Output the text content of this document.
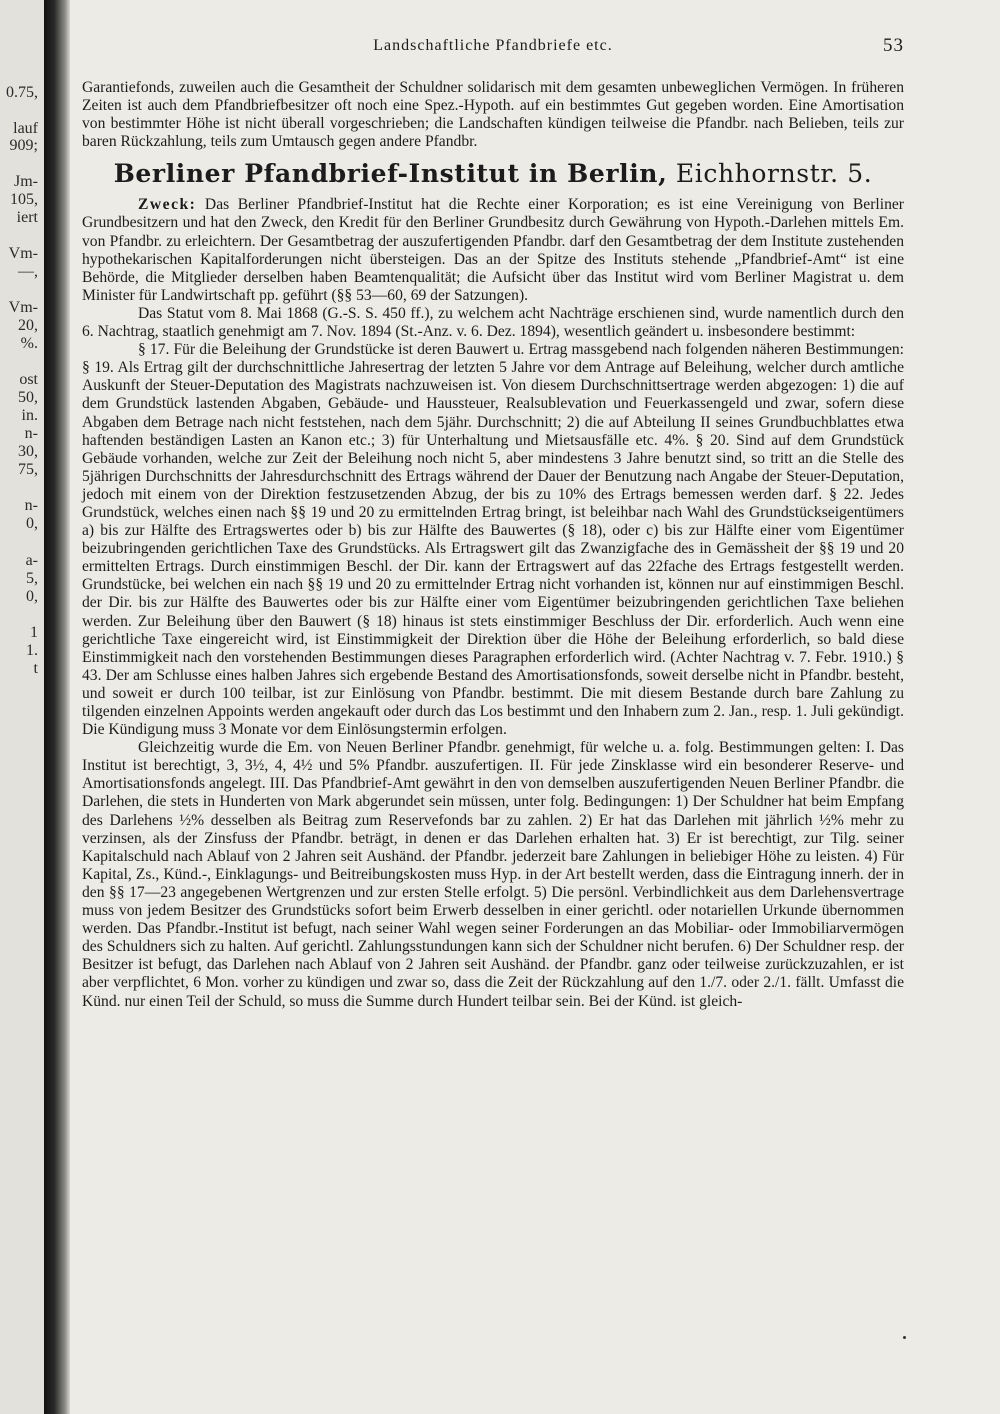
0.75,
lauf
909;
Jm-
105,
iert
Vm-
—,
Vm-
20,
%.
ost
50,
in.
n-
30,
75,
n-
0,
a-
5,
0,
1
1.
t
Landschaftliche Pfandbriefe etc.	53

Garantiefonds, zuweilen auch die Gesamtheit der Schuldner solidarisch mit dem gesamten unbeweglichen Vermögen. In früheren Zeiten ist auch dem Pfandbriefbesitzer oft noch eine Spez.-Hypoth. auf ein bestimmtes Gut gegeben worden. Eine Amortisation von bestimmter Höhe ist nicht überall vorgeschrieben; die Landschaften kündigen teilweise die Pfandbr. nach Belieben, teils zur baren Rückzahlung, teils zum Umtausch gegen andere Pfandbr.

Berliner Pfandbrief-Institut in Berlin, Eichhornstr. 5.

Zweck: Das Berliner Pfandbrief-Institut hat die Rechte einer Korporation; es ist eine Vereinigung von Berliner Grundbesitzern und hat den Zweck, den Kredit für den Berliner Grundbesitz durch Gewährung von Hypoth.-Darlehen mittels Em. von Pfandbr. zu erleichtern. Der Gesamtbetrag der auszufertigenden Pfandbr. darf den Gesamtbetrag der dem Institute zustehenden hypothekarischen Kapitalforderungen nicht übersteigen. Das an der Spitze des Instituts stehende „Pfandbrief-Amt“ ist eine Behörde, die Mitglieder derselben haben Beamtenqualität; die Aufsicht über das Institut wird vom Berliner Magistrat u. dem Minister für Landwirtschaft pp. geführt (§§ 53—60, 69 der Satzungen).

Das Statut vom 8. Mai 1868 (G.-S. S. 450 ff.), zu welchem acht Nachträge erschienen sind, wurde namentlich durch den 6. Nachtrag, staatlich genehmigt am 7. Nov. 1894 (St.-Anz. v. 6. Dez. 1894), wesentlich geändert u. insbesondere bestimmt:

§ 17. Für die Beleihung der Grundstücke ist deren Bauwert u. Ertrag massgebend nach folgenden näheren Bestimmungen: § 19. Als Ertrag gilt der durchschnittliche Jahresertrag der letzten 5 Jahre vor dem Antrage auf Beleihung, welcher durch amtliche Auskunft der Steuer-Deputation des Magistrats nachzuweisen ist. Von diesem Durchschnittsertrage werden abgezogen: 1) die auf dem Grundstück lastenden Abgaben, Gebäude- und Haussteuer, Realsublevation und Feuerkassengeld und zwar, sofern diese Abgaben dem Betrage nach nicht feststehen, nach dem 5jähr. Durchschnitt; 2) die auf Abteilung II seines Grundbuchblattes etwa haftenden beständigen Lasten an Kanon etc.; 3) für Unterhaltung und Mietsausfälle etc. 4%. § 20. Sind auf dem Grundstück Gebäude vorhanden, welche zur Zeit der Beleihung noch nicht 5, aber mindestens 3 Jahre benutzt sind, so tritt an die Stelle des 5jährigen Durchschnitts der Jahresdurchschnitt des Ertrags während der Dauer der Benutzung nach Angabe der Steuer-Deputation, jedoch mit einem von der Direktion festzusetzenden Abzug, der bis zu 10% des Ertrags bemessen werden darf. § 22. Jedes Grundstück, welches einen nach §§ 19 und 20 zu ermittelnden Ertrag bringt, ist beleihbar nach Wahl des Grundstückseigentümers a) bis zur Hälfte des Ertragswertes oder b) bis zur Hälfte des Bauwertes (§ 18), oder c) bis zur Hälfte einer vom Eigentümer beizubringenden gerichtlichen Taxe des Grundstücks. Als Ertragswert gilt das Zwanzigfache des in Gemässheit der §§ 19 und 20 ermittelten Ertrags. Durch einstimmigen Beschl. der Dir. kann der Ertragswert auf das 22fache des Ertrags festgestellt werden. Grundstücke, bei welchen ein nach §§ 19 und 20 zu ermittelnder Ertrag nicht vorhanden ist, können nur auf einstimmigen Beschl. der Dir. bis zur Hälfte des Bauwertes oder bis zur Hälfte einer vom Eigentümer beizubringenden gerichtlichen Taxe beliehen werden. Zur Beleihung über den Bauwert (§ 18) hinaus ist stets einstimmiger Beschluss der Dir. erforderlich. Auch wenn eine gerichtliche Taxe eingereicht wird, ist Einstimmigkeit der Direktion über die Höhe der Beleihung erforderlich, so bald diese Einstimmigkeit nach den vorstehenden Bestimmungen dieses Paragraphen erforderlich wird. (Achter Nachtrag v. 7. Febr. 1910.) § 43. Der am Schlusse eines halben Jahres sich ergebende Bestand des Amortisationsfonds, soweit derselbe nicht in Pfandbr. besteht, und soweit er durch 100 teilbar, ist zur Einlösung von Pfandbr. bestimmt. Die mit diesem Bestande durch bare Zahlung zu tilgenden einzelnen Appoints werden angekauft oder durch das Los bestimmt und den Inhabern zum 2. Jan., resp. 1. Juli gekündigt. Die Kündigung muss 3 Monate vor dem Einlösungstermin erfolgen.

Gleichzeitig wurde die Em. von Neuen Berliner Pfandbr. genehmigt, für welche u. a. folg. Bestimmungen gelten: I. Das Institut ist berechtigt, 3, 3½, 4, 4½ und 5% Pfandbr. auszufertigen. II. Für jede Zinsklasse wird ein besonderer Reserve- und Amortisationsfonds angelegt. III. Das Pfandbrief-Amt gewährt in den von demselben auszufertigenden Neuen Berliner Pfandbr. die Darlehen, die stets in Hunderten von Mark abgerundet sein müssen, unter folg. Bedingungen: 1) Der Schuldner hat beim Empfang des Darlehens ½% desselben als Beitrag zum Reservefonds bar zu zahlen. 2) Er hat das Darlehen mit jährlich ½% mehr zu verzinsen, als der Zinsfuss der Pfandbr. beträgt, in denen er das Darlehen erhalten hat. 3) Er ist berechtigt, zur Tilg. seiner Kapitalschuld nach Ablauf von 2 Jahren seit Aushänd. der Pfandbr. jederzeit bare Zahlungen in beliebiger Höhe zu leisten. 4) Für Kapital, Zs., Künd.-, Einklagungs- und Beitreibungskosten muss Hyp. in der Art bestellt werden, dass die Eintragung innerh. der in den §§ 17—23 angegebenen Wertgrenzen und zur ersten Stelle erfolgt. 5) Die persönl. Verbindlichkeit aus dem Darlehensvertrage muss von jedem Besitzer des Grundstücks sofort beim Erwerb desselben in einer gerichtl. oder notariellen Urkunde übernommen werden. Das Pfandbr.-Institut ist befugt, nach seiner Wahl wegen seiner Forderungen an das Mobiliar- oder Immobiliarvermögen des Schuldners sich zu halten. Auf gerichtl. Zahlungsstundungen kann sich der Schuldner nicht berufen. 6) Der Schuldner resp. der Besitzer ist befugt, das Darlehen nach Ablauf von 2 Jahren seit Aushänd. der Pfandbr. ganz oder teilweise zurückzuzahlen, er ist aber verpflichtet, 6 Mon. vorher zu kündigen und zwar so, dass die Zeit der Rückzahlung auf den 1./7. oder 2./1. fällt. Umfasst die Künd. nur einen Teil der Schuld, so muss die Summe durch Hundert teilbar sein. Bei der Künd. ist gleich-
